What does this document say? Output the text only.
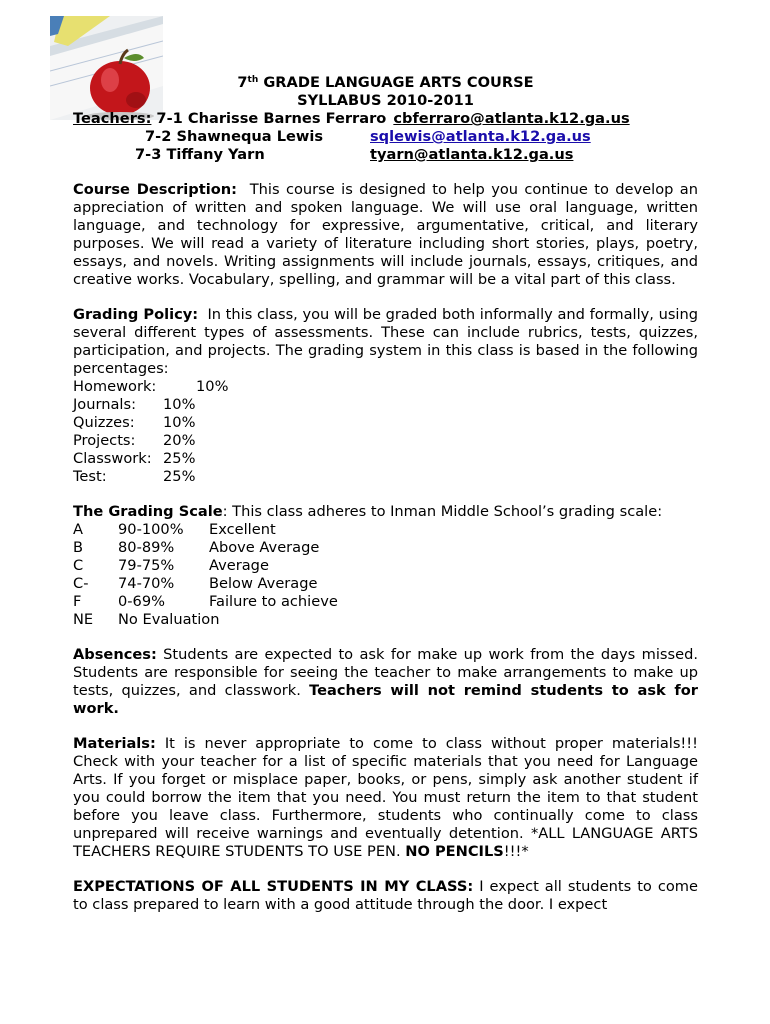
7th GRADE LANGUAGE ARTS COURSE
SYLLABUS 2010-2011
Teachers: 7-1 Charisse Barnes Ferraro cbferraro@atlanta.k12.ga.us
7-2 Shawnequa Lewis	sqlewis@atlanta.k12.ga.us
7-3 Tiffany Yarn	tyarn@atlanta.k12.ga.us
Course Description: This course is designed to help you continue to develop an appreciation of written and spoken language. We will use oral language, written language, and technology for expressive, argumentative, critical, and literary purposes. We will read a variety of literature including short stories, plays, poetry, essays, and novels. Writing assignments will include journals, essays, critiques, and creative works. Vocabulary, spelling, and grammar will be a vital part of this class.
Grading Policy: In this class, you will be graded both informally and formally, using several different types of assessments. These can include rubrics, tests, quizzes, participation, and projects. The grading system in this class is based in the following percentages:
Homework:	10%
Journals:	10%
Quizzes:	10%
Projects:	20%
Classwork: 25%
Test:	25%
The Grading Scale: This class adheres to Inman Middle School’s grading scale:
A	90-100%	Excellent
B	80-89%	Above Average
C	79-75%	Average
C-	74-70%	Below Average
F	0-69%	Failure to achieve
NE	No Evaluation
Absences: Students are expected to ask for make up work from the days missed. Students are responsible for seeing the teacher to make arrangements to make up tests, quizzes, and classwork. Teachers will not remind students to ask for work.
Materials: It is never appropriate to come to class without proper materials!!! Check with your teacher for a list of specific materials that you need for Language Arts. If you forget or misplace paper, books, or pens, simply ask another student if you could borrow the item that you need. You must return the item to that student before you leave class. Furthermore, students who continually come to class unprepared will receive warnings and eventually detention. *ALL LANGUAGE ARTS TEACHERS REQUIRE STUDENTS TO USE PEN. NO PENCILS!!!*
EXPECTATIONS OF ALL STUDENTS IN MY CLASS: I expect all students to come to class prepared to learn with a good attitude through the door. I expect
